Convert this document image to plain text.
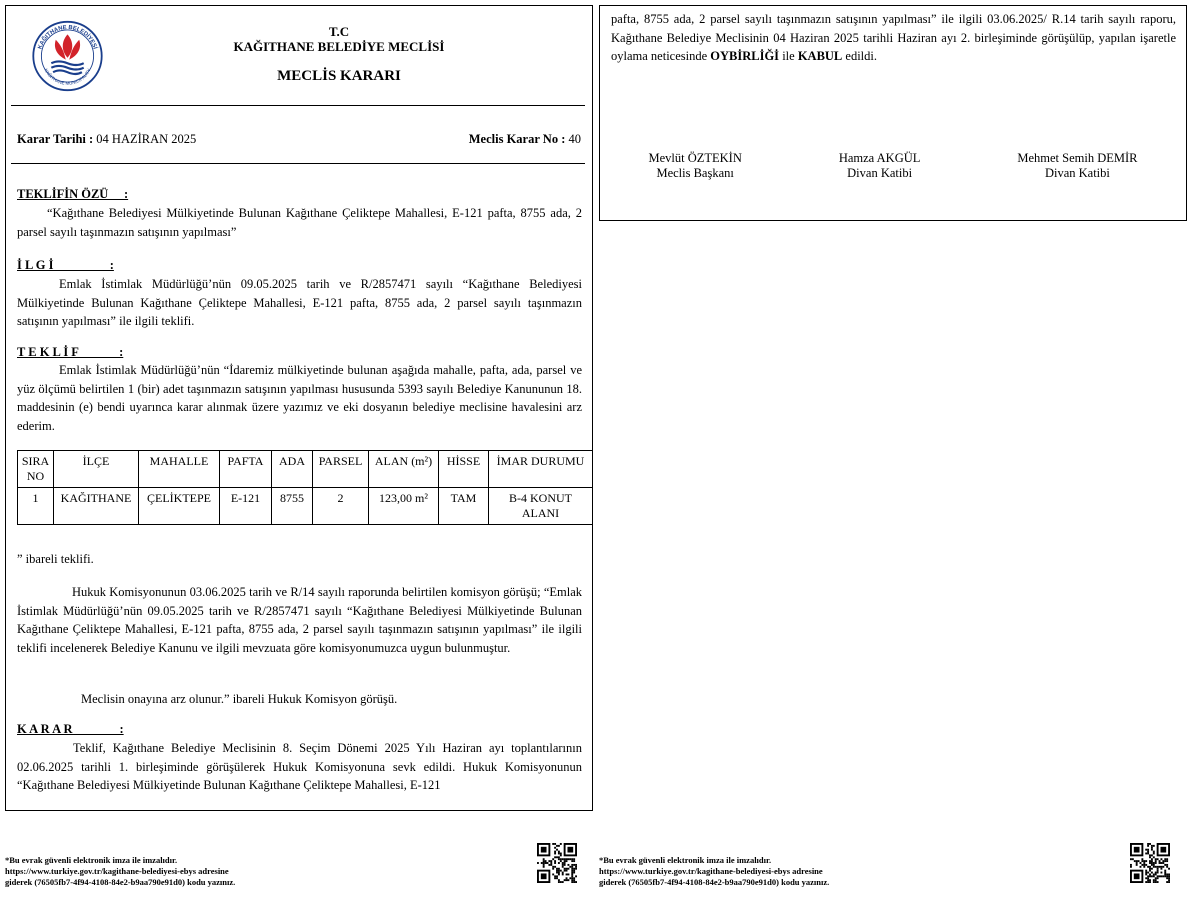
KAĞITHANE BELEDİYESİ
KAĞITHANE MUNICIPALITY
T.C
KAĞITHANE BELEDİYE MECLİSİ
MECLİS KARARI
Karar Tarihi : 04 HAZİRAN 2025	Meclis Karar No : 40
TEKLİFİN ÖZÜ     :
“Kağıthane Belediyesi Mülkiyetinde Bulunan Kağıthane Çeliktepe Mahallesi, E-121 pafta, 8755 ada, 2 parsel sayılı taşınmazın satışının yapılması”
İ L G İ                  :
Emlak İstimlak Müdürlüğü’nün 09.05.2025 tarih ve R/2857471 sayılı “Kağıthane Belediyesi Mülkiyetinde Bulunan Kağıthane Çeliktepe Mahallesi, E-121 pafta, 8755 ada, 2 parsel sayılı taşınmazın satışının yapılması” ile ilgili teklifi.
T E K L İ F             :
Emlak İstimlak Müdürlüğü’nün “İdaremiz mülkiyetinde bulunan aşağıda mahalle, pafta, ada, parsel ve yüz ölçümü belirtilen 1 (bir) adet taşınmazın satışının yapılması hususunda 5393 sayılı Belediye Kanununun 18. maddesinin (e) bendi uyarınca karar alınmak üzere yazımız ve eki dosyanın belediye meclisine havalesini arz ederim.
SIRA NO	İLÇE	MAHALLE	PAFTA	ADA	PARSEL	ALAN (m²)	HİSSE	İMAR DURUMU
1	KAĞITHANE	ÇELİKTEPE	E-121	8755	2	123,00 m²	TAM	B-4 KONUT ALANI
” ibareli teklifi.
Hukuk Komisyonunun 03.06.2025 tarih ve R/14 sayılı raporunda belirtilen komisyon görüşü; “Emlak İstimlak Müdürlüğü’nün 09.05.2025 tarih ve R/2857471 sayılı “Kağıthane Belediyesi Mülkiyetinde Bulunan Kağıthane Çeliktepe Mahallesi, E-121 pafta, 8755 ada, 2 parsel sayılı taşınmazın satışının yapılması” ile ilgili teklifi incelenerek Belediye Kanunu ve ilgili mevzuata göre komisyonumuzca uygun bulunmuştur.
Meclisin onayına arz olunur.” ibareli Hukuk Komisyon görüşü.
K A R A R               :
Teklif, Kağıthane Belediye Meclisinin 8. Seçim Dönemi 2025 Yılı Haziran ayı toplantılarının 02.06.2025 tarihli 1. birleşiminde görüşülerek Hukuk Komisyonuna sevk edildi. Hukuk Komisyonunun “Kağıthane Belediyesi Mülkiyetinde Bulunan Kağıthane Çeliktepe Mahallesi, E-121
pafta, 8755 ada, 2 parsel sayılı taşınmazın satışının yapılması” ile ilgili 03.06.2025/ R.14 tarih sayılı raporu, Kağıthane Belediye Meclisinin 04 Haziran 2025 tarihli Haziran ayı 2. birleşiminde görüşülüp, yapılan işaretle oylama neticesinde OYBİRLİĞİ ile KABUL edildi.
Mevlüt ÖZTEKİN
Meclis Başkanı
Hamza AKGÜL
Divan Katibi
Mehmet Semih DEMİR
Divan Katibi
*Bu evrak güvenli elektronik imza ile imzalıdır.
https://www.turkiye.gov.tr/kagithane-belediyesi-ebys adresine
giderek (76505fb7-4f94-4108-84e2-b9aa790e91d0) kodu yazınız.
*Bu evrak güvenli elektronik imza ile imzalıdır.
https://www.turkiye.gov.tr/kagithane-belediyesi-ebys adresine
giderek (76505fb7-4f94-4108-84e2-b9aa790e91d0) kodu yazınız.
